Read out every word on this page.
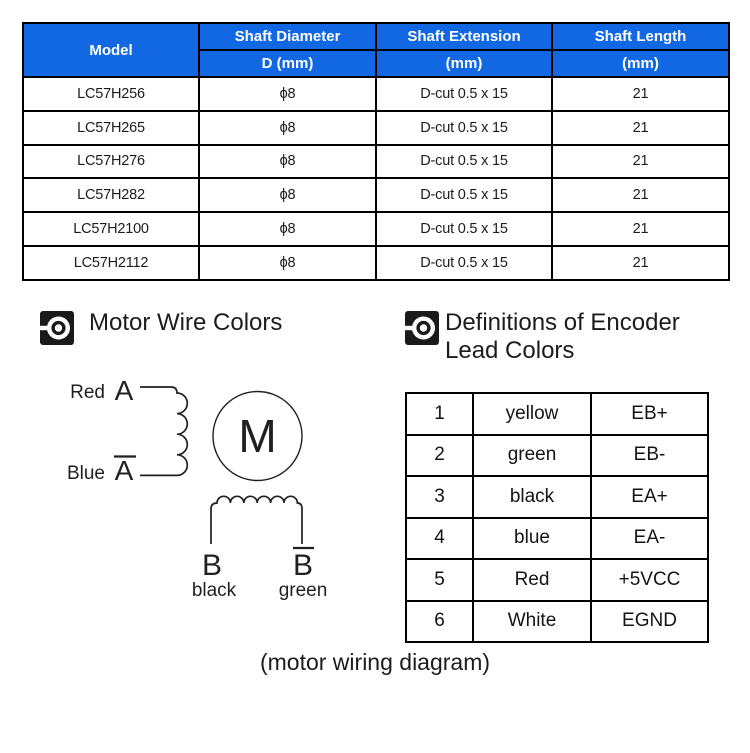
Model	Shaft Diameter	Shaft Extension	Shaft Length
	D (mm)	(mm)	(mm)
LC57H256	ϕ8	D-cut 0.5 x 15	21
LC57H265	ϕ8	D-cut 0.5 x 15	21
LC57H276	ϕ8	D-cut 0.5 x 15	21
LC57H282	ϕ8	D-cut 0.5 x 15	21
LC57H2100	ϕ8	D-cut 0.5 x 15	21
LC57H2112	ϕ8	D-cut 0.5 x 15	21
Motor Wire Colors	Definitions of Encoder
Lead Colors
M
Red A
Blue A
B B
black green
1	yellow	EB+
2	green	EB-
3	black	EA+
4	blue	EA-
5	Red	+5VCC
6	White	EGND
(motor wiring diagram)
